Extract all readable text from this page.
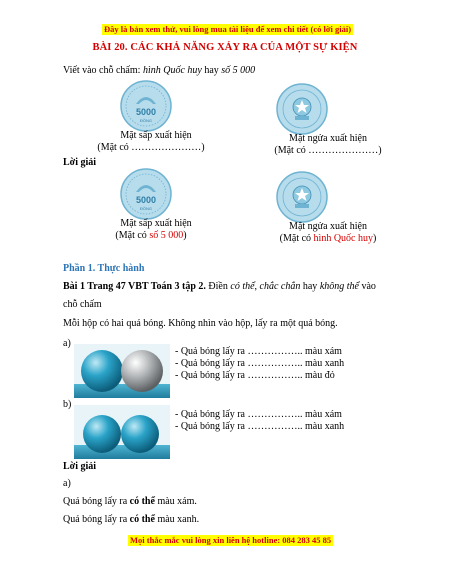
Đây là bản xem thử, vui lòng mua tài liệu để xem chi tiết (có lời giải)
BÀI 20. CÁC KHẢ NĂNG XẢY RA CỦA MỘT SỰ KIỆN
Viết vào chỗ chấm: hình Quốc huy hay số 5 000
5000
ĐỒNG
Mặt sấp xuất hiện
(Mặt có …………………)
Mặt ngửa xuất hiện
(Mặt có …………………)
Lời giải
5000
ĐỒNG
Mặt sấp xuất hiện
(Mặt có số 5 000)
Mặt ngửa xuất hiện
(Mặt có hình Quốc huy)
Phần 1. Thực hành
Bài 1 Trang 47 VBT Toán 3 tập 2. Điền có thể, chắc chắn hay không thể vào
chỗ chấm
Mỗi hộp có hai quả bóng. Không nhìn vào hộp, lấy ra một quả bóng.
a)
- Quả bóng lấy ra …………….. màu xám
- Quả bóng lấy ra …………….. màu xanh
- Quả bóng lấy ra …………….. màu đỏ
b)
- Quả bóng lấy ra …………….. màu xám
- Quả bóng lấy ra …………….. màu xanh
Lời giải
a)
Quả bóng lấy ra có thể màu xám.
Quả bóng lấy ra có thể màu xanh.
Mọi thắc mắc vui lòng xin liên hệ hotline: 084 283 45 85
